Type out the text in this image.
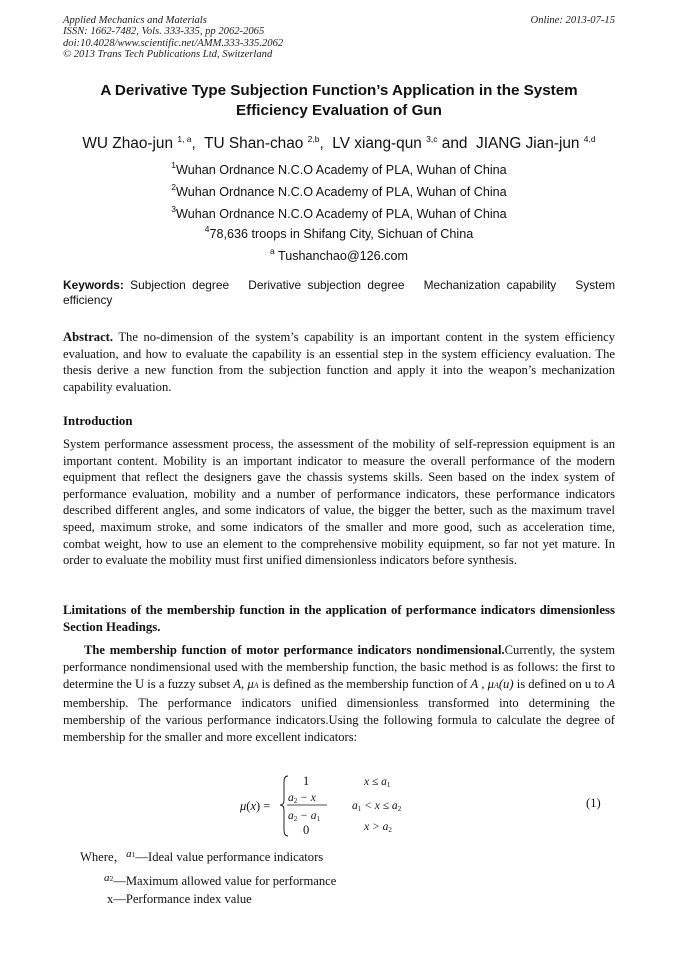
Applied Mechanics and Materials
ISSN: 1662-7482, Vols. 333-335, pp 2062-2065
doi:10.4028/www.scientific.net/AMM.333-335.2062
© 2013 Trans Tech Publications Ltd, Switzerland
Online: 2013-07-15
A Derivative Type Subjection Function’s Application in the System Efficiency Evaluation of Gun
WU Zhao-jun $^{1, a}$,  TU Shan-chao $^{2,b}$,  LV xiang-qun $^{3,c}$ and  JIANG Jian-jun $^{4,d}$
$^1$Wuhan Ordnance N.C.O Academy of PLA, Wuhan of China
$^2$Wuhan Ordnance N.C.O Academy of PLA, Wuhan of China
$^3$Wuhan Ordnance N.C.O Academy of PLA, Wuhan of China
$^4$78,636 troops in Shifang City, Sichuan of China
$^a$ Tushanchao@126.com
Keywords: Subjection degree   Derivative subjection degree   Mechanization capability   System efficiency
Abstract. The no-dimension of the system’s capability is an important content in the system efficiency evaluation, and how to evaluate the capability is an essential step in the system efficiency evaluation. The thesis derive a new function from the subjection function and apply it into the weapon’s mechanization capability evaluation.
Introduction
System performance assessment process, the assessment of the mobility of self-repression equipment is an important content. Mobility is an important indicator to measure the overall performance of the modern equipment that reflect the designers gave the chassis systems skills. Seen based on the index system of performance evaluation, mobility and a number of performance indicators, these performance indicators described different angles, and some indicators of value, the bigger the better, such as the maximum travel speed, maximum stroke, and some indicators of the smaller and more good, such as acceleration time, combat weight, how to use an element to the comprehensive mobility equipment, so far not yet mature. In order to evaluate the mobility must first unified dimensionless indicators before synthesis.
Limitations of the membership function in the application of performance indicators dimensionless Section Headings.
The membership function of motor performance indicators nondimensional.Currently, the system performance nondimensional used with the membership function, the basic method is as follows: the first to determine the U is a fuzzy subset A, μA is defined as the membership function of A , μA(u) is defined on u to A membership. The performance indicators unified dimensionless transformed into determining the membership of the various performance indicators.Using the following formula to calculate the degree of membership for the smaller and more excellent indicators:
μ(x) =
1
a2 − x
a2 − a1
0
x ≤ a1
a1 < x ≤ a2
x > a2
(1)
Where，a1—Ideal value performance indicators
a2—Maximum allowed value for performance
x—Performance index value
